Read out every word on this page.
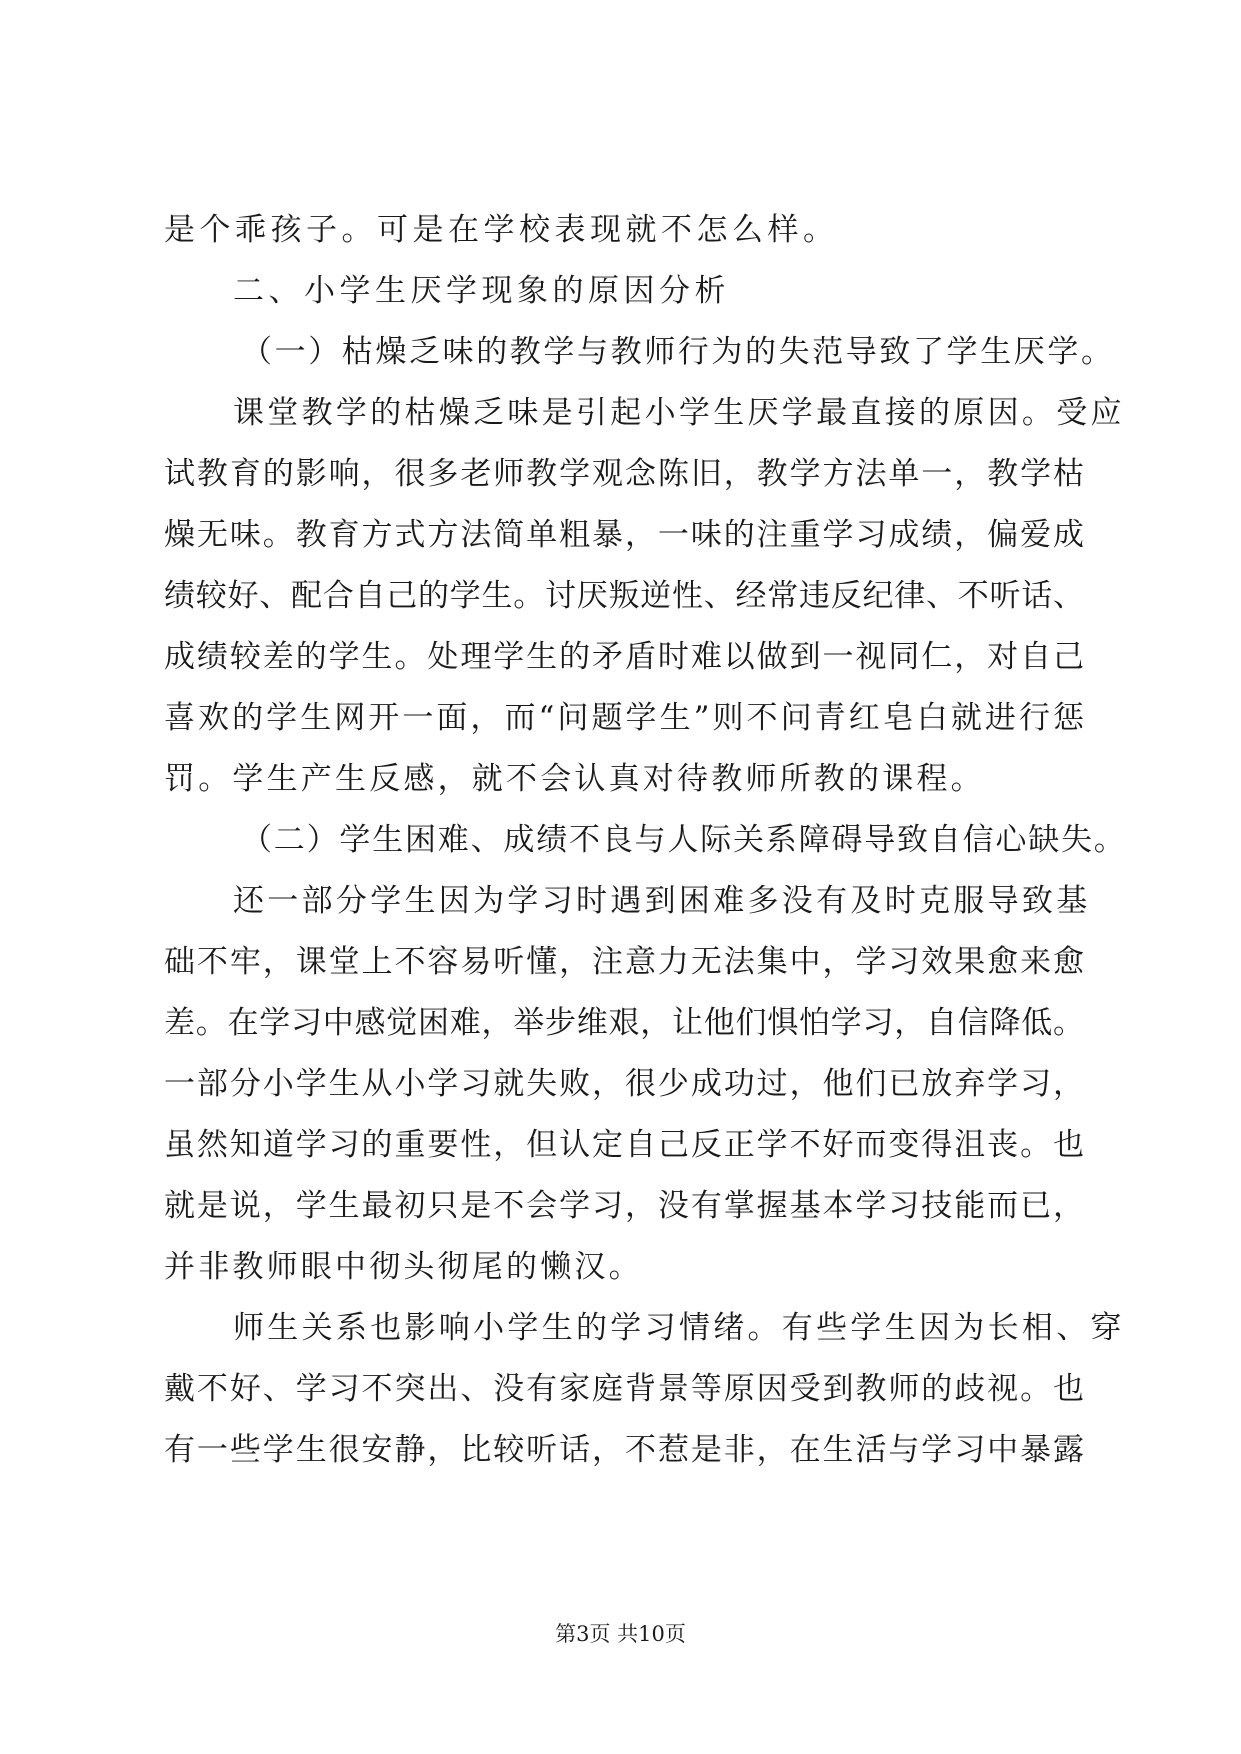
是个乖孩子。可是在学校表现就不怎么样。
二、小学生厌学现象的原因分析
（一）枯燥乏味的教学与教师行为的失范导致了学生厌学。
课堂教学的枯燥乏味是引起小学生厌学最直接的原因。受应
试教育的影响，很多老师教学观念陈旧，教学方法单一，教学枯
燥无味。教育方式方法简单粗暴，一味的注重学习成绩，偏爱成
绩较好、配合自己的学生。讨厌叛逆性、经常违反纪律、不听话、
成绩较差的学生。处理学生的矛盾时难以做到一视同仁，对自己
喜欢的学生网开一面，而“问题学生”则不问青红皂白就进行惩
罚。学生产生反感，就不会认真对待教师所教的课程。
（二）学生困难、成绩不良与人际关系障碍导致自信心缺失。
还一部分学生因为学习时遇到困难多没有及时克服导致基
础不牢，课堂上不容易听懂，注意力无法集中，学习效果愈来愈
差。在学习中感觉困难，举步维艰，让他们惧怕学习，自信降低。
一部分小学生从小学习就失败，很少成功过，他们已放弃学习，
虽然知道学习的重要性，但认定自己反正学不好而变得沮丧。也
就是说，学生最初只是不会学习，没有掌握基本学习技能而已，
并非教师眼中彻头彻尾的懒汉。
师生关系也影响小学生的学习情绪。有些学生因为长相、穿
戴不好、学习不突出、没有家庭背景等原因受到教师的歧视。也
有一些学生很安静，比较听话，不惹是非，在生活与学习中暴露
第3页 共10页
